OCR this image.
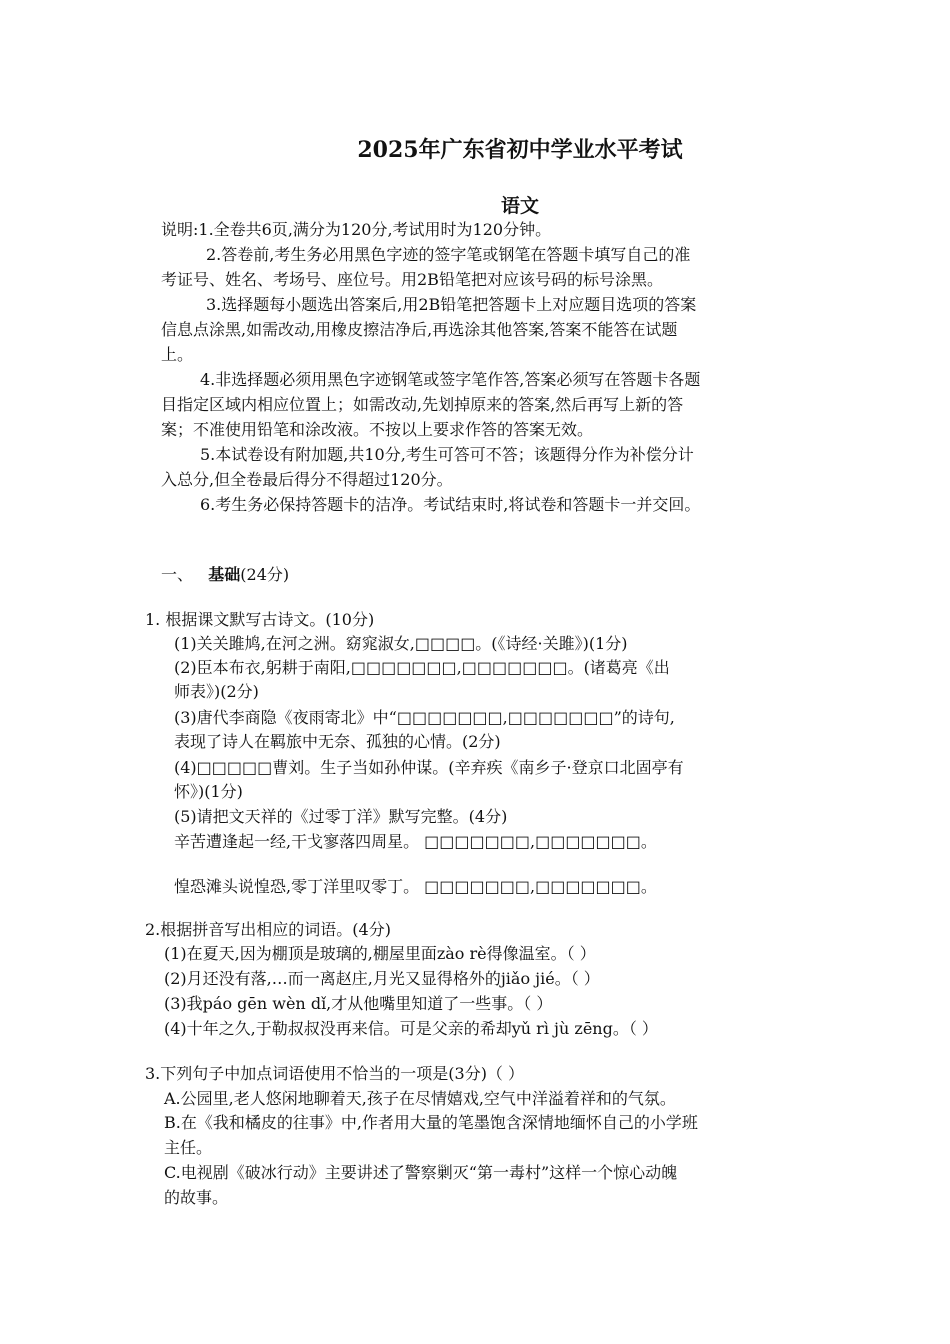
2025年广东省初中学业水平考试
语文
说明:1.全卷共6页,满分为120分,考试用时为120分钟。
2.答卷前,考生务必用黑色字迹的签字笔或钢笔在答题卡填写自己的准
考证号、姓名、考场号、座位号。用2B铅笔把对应该号码的标号涂黑。
3.选择题每小题选出答案后,用2B铅笔把答题卡上对应题目选项的答案
信息点涂黑,如需改动,用橡皮擦洁净后,再选涂其他答案,答案不能答在试题
上。
4.非选择题必须用黑色字迹钢笔或签字笔作答,答案必须写在答题卡各题
目指定区域内相应位置上；如需改动,先划掉原来的答案,然后再写上新的答
案；不准使用铅笔和涂改液。不按以上要求作答的答案无效。
5.本试卷设有附加题,共10分,考生可答可不答；该题得分作为补偿分计
入总分,但全卷最后得分不得超过120分。
6.考生务必保持答题卡的洁净。考试结束时,将试卷和答题卡一并交回。
一、 基础(24分)
1. 根据课文默写古诗文。(10分)
(1)关关雎鸠,在河之洲。窈窕淑女,□□□□。(《诗经·关雎》)(1分)
(2)臣本布衣,躬耕于南阳,□□□□□□□,□□□□□□□。(诸葛亮《出
师表》)(2分)
(3)唐代李商隐《夜雨寄北》中“□□□□□□□,□□□□□□□”的诗句,
表现了诗人在羁旅中无奈、孤独的心情。(2分)
(4)□□□□□曹刘。生子当如孙仲谋。(辛弃疾《南乡子·登京口北固亭有
怀》)(1分)
(5)请把文天祥的《过零丁洋》默写完整。(4分)
辛苦遭逢起一经,干戈寥落四周星。 □□□□□□□,□□□□□□□。
惶恐滩头说惶恐,零丁洋里叹零丁。 □□□□□□□,□□□□□□□。
2.根据拼音写出相应的词语。(4分)
(1)在夏天,因为棚顶是玻璃的,棚屋里面zào rè得像温室。（ ）
(2)月还没有落,…而一离赵庄,月光又显得格外的jiǎo jié。（ ）
(3)我páo gēn wèn dǐ,才从他嘴里知道了一些事。（ ）
(4)十年之久,于勒叔叔没再来信。可是父亲的希却yǔ rì jù zēng。（ ）
3.下列句子中加点词语使用不恰当的一项是(3分)（ ）
A.公园里,老人悠闲地聊着天,孩子在尽情嬉戏,空气中洋溢着祥和的气氛。
B.在《我和橘皮的往事》中,作者用大量的笔墨饱含深情地缅怀自己的小学班
主任。
C.电视剧《破冰行动》主要讲述了警察剿灭“第一毒村”这样一个惊心动魄
的故事。
